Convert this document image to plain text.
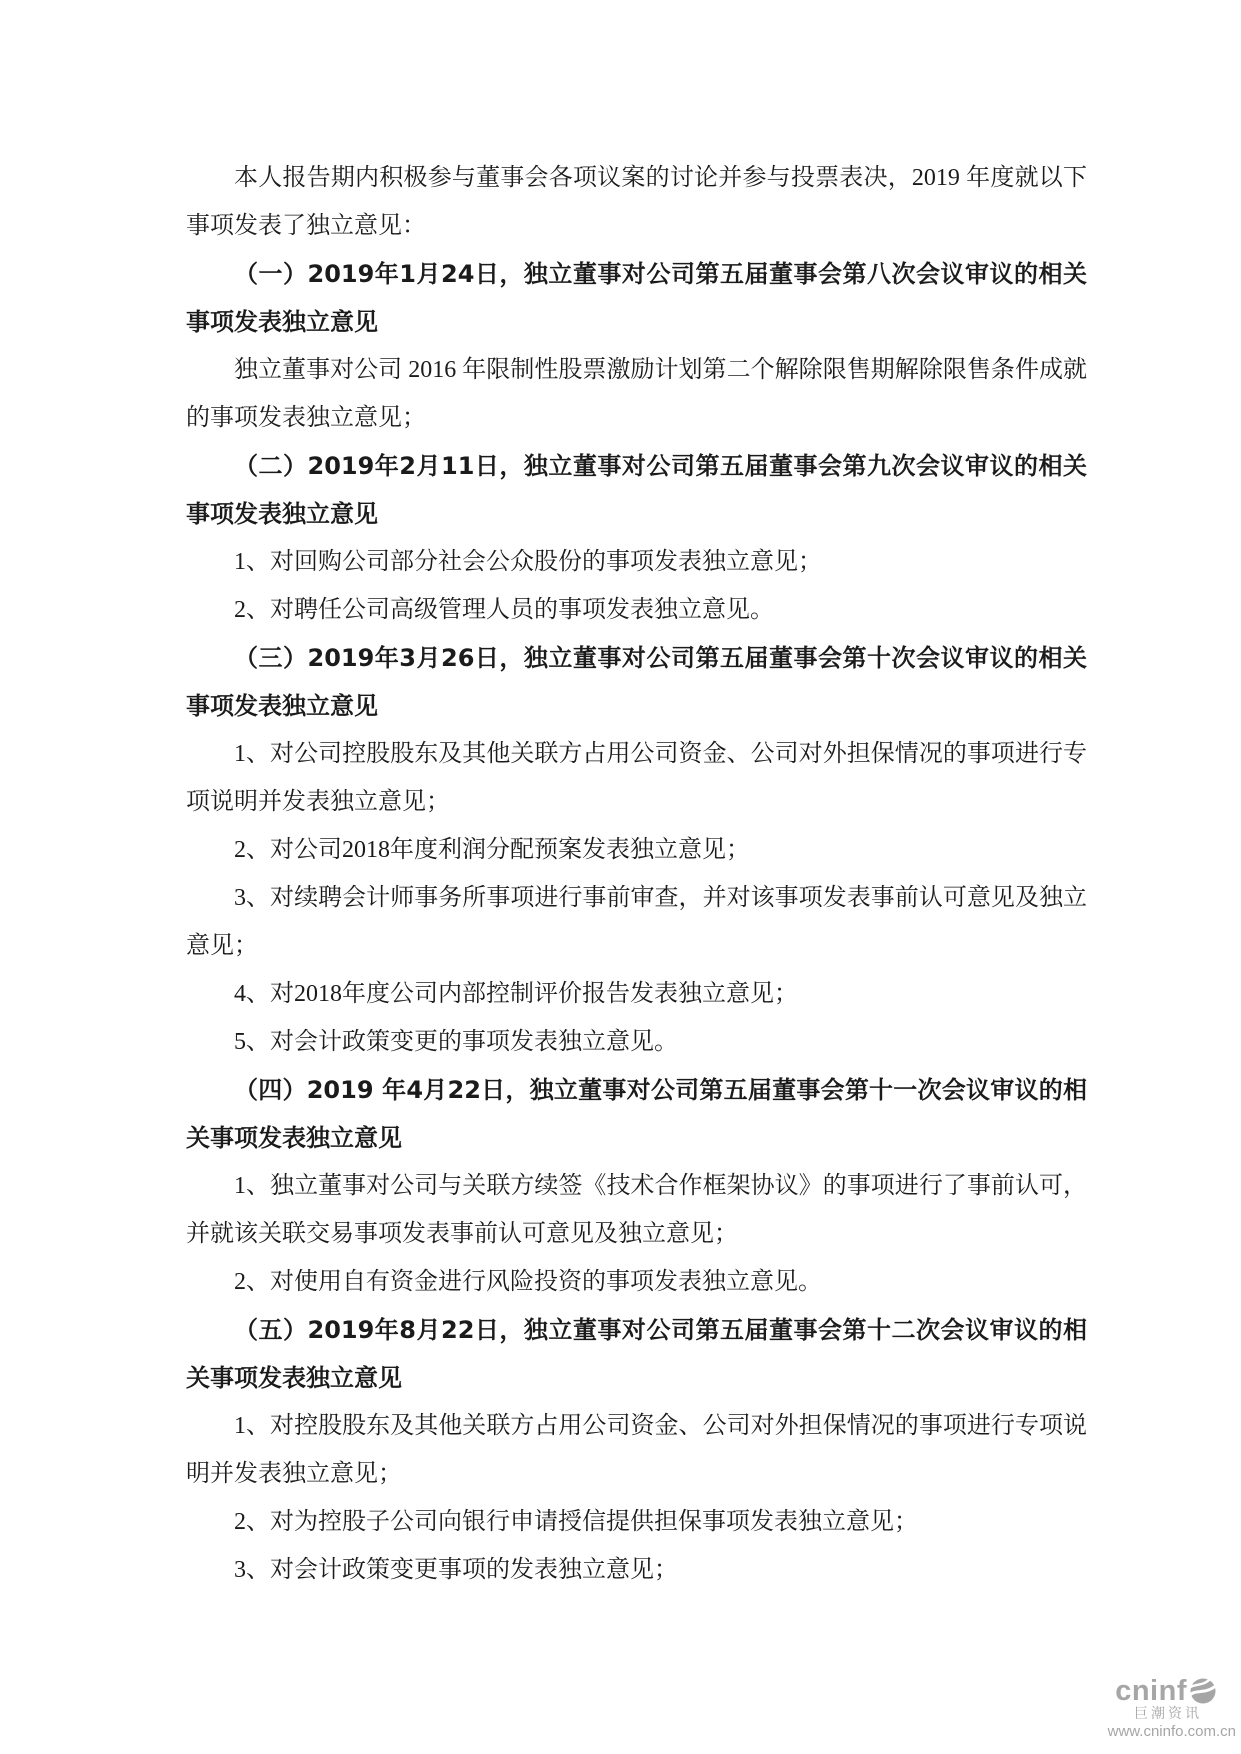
本人报告期内积极参与董事会各项议案的讨论并参与投票表决，2019 年度就以下事项发表了独立意见：

（一）2019年1月24日，独立董事对公司第五届董事会第八次会议审议的相关事项发表独立意见

独立董事对公司 2016 年限制性股票激励计划第二个解除限售期解除限售条件成就的事项发表独立意见；

（二）2019年2月11日，独立董事对公司第五届董事会第九次会议审议的相关事项发表独立意见

1、对回购公司部分社会公众股份的事项发表独立意见；

2、对聘任公司高级管理人员的事项发表独立意见。

（三）2019年3月26日，独立董事对公司第五届董事会第十次会议审议的相关事项发表独立意见

1、对公司控股股东及其他关联方占用公司资金、公司对外担保情况的事项进行专项说明并发表独立意见；

2、对公司2018年度利润分配预案发表独立意见；

3、对续聘会计师事务所事项进行事前审查，并对该事项发表事前认可意见及独立意见；

4、对2018年度公司内部控制评价报告发表独立意见；

5、对会计政策变更的事项发表独立意见。

（四）2019 年4月22日，独立董事对公司第五届董事会第十一次会议审议的相关事项发表独立意见

1、独立董事对公司与关联方续签《技术合作框架协议》的事项进行了事前认可，并就该关联交易事项发表事前认可意见及独立意见；

2、对使用自有资金进行风险投资的事项发表独立意见。

（五）2019年8月22日，独立董事对公司第五届董事会第十二次会议审议的相关事项发表独立意见

1、对控股股东及其他关联方占用公司资金、公司对外担保情况的事项进行专项说明并发表独立意见；

2、对为控股子公司向银行申请授信提供担保事项发表独立意见；

3、对会计政策变更事项的发表独立意见；

cninf
巨潮资讯
www.cninfo.com.cn
